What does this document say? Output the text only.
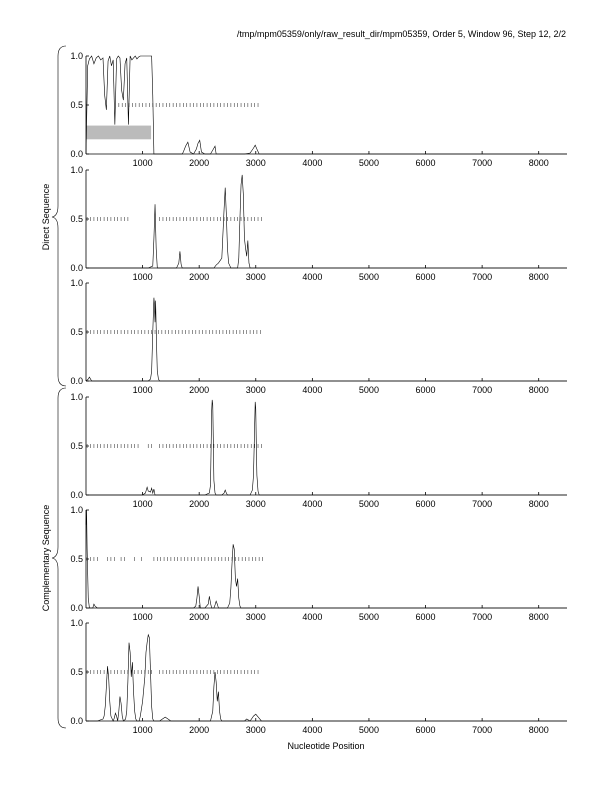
/tmp/mpm05359/only/raw_result_dir/mpm05359, Order 5, Window 96, Step 12, 2/2
Nucleotide Position
Direct Sequence
Complementary Sequence
0.0
0.5
1.0
1000	2000	3000	4000	5000	6000	7000	8000
0.0
0.5
1.0
1000	2000	3000	4000	5000	6000	7000	8000
0.0
0.5
1.0
1000	2000	3000	4000	5000	6000	7000	8000
0.0
0.5
1.0
1000	2000	3000	4000	5000	6000	7000	8000
0.0
0.5
1.0
1000	2000	3000	4000	5000	6000	7000	8000
0.0
0.5
1.0
1000	2000	3000	4000	5000	6000	7000	8000
